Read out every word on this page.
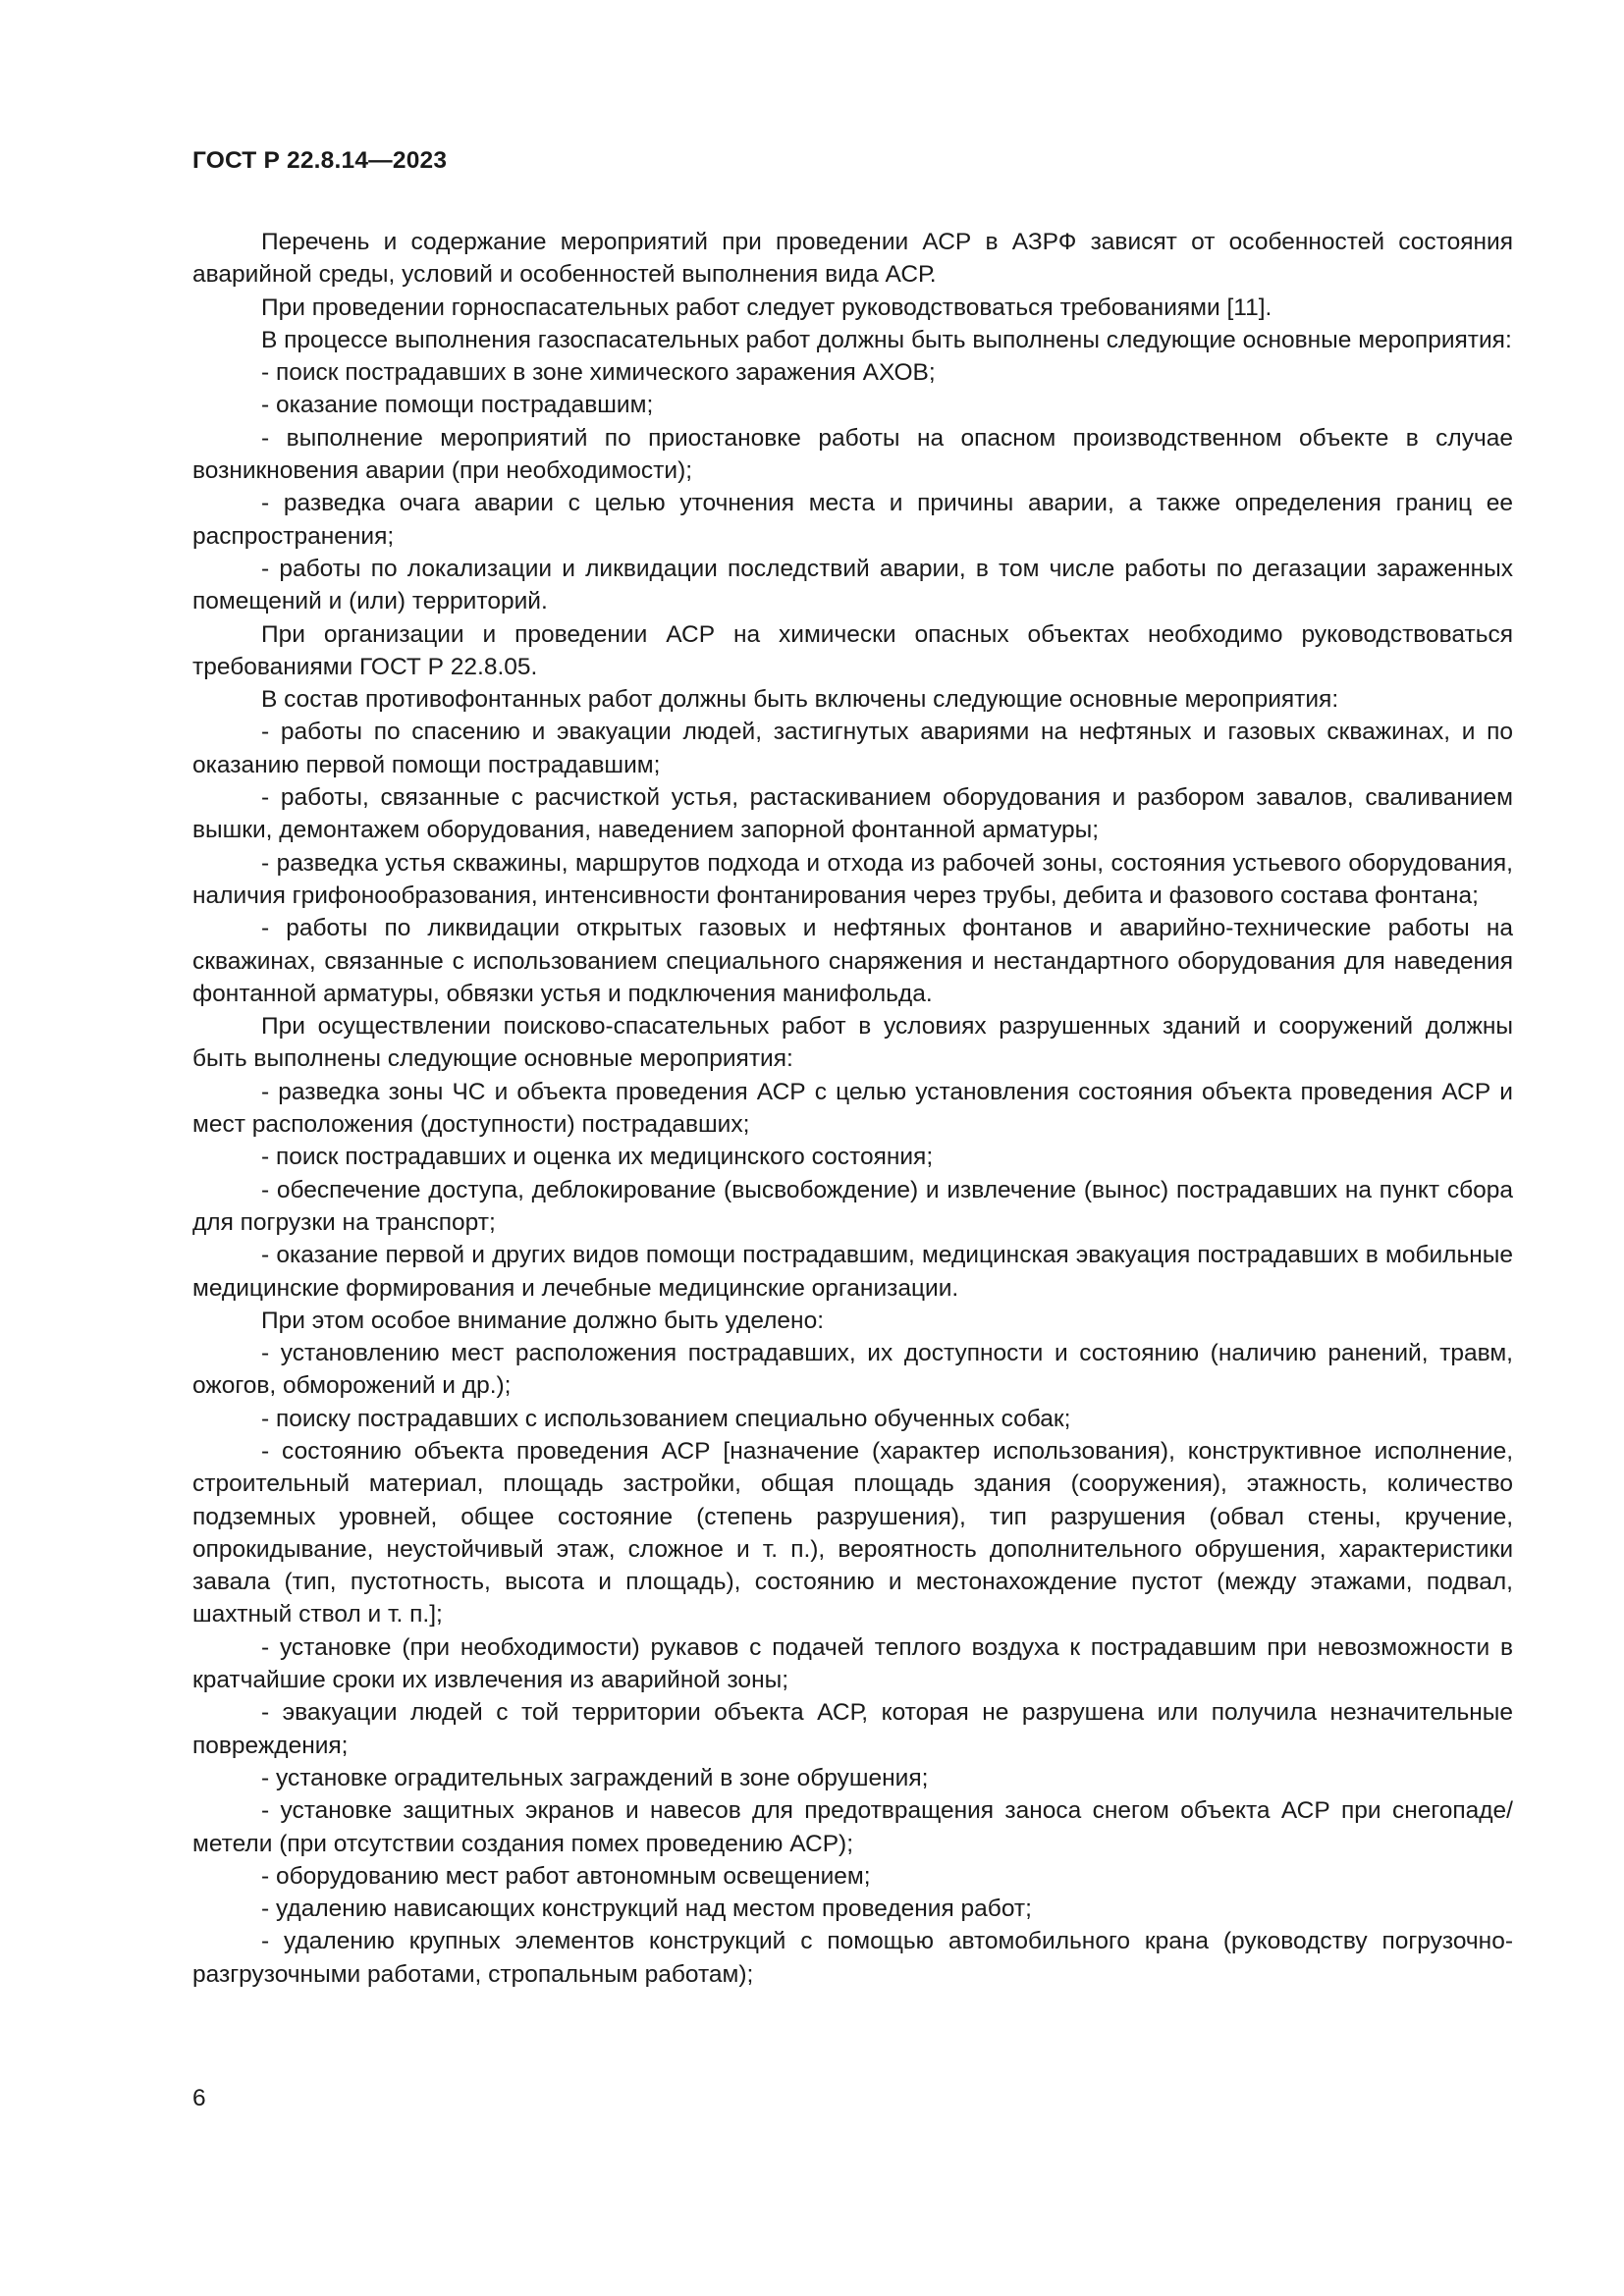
ГОСТ Р 22.8.14—2023

Перечень и содержание мероприятий при проведении АСР в АЗРФ зависят от особенностей состояния аварийной среды, условий и особенностей выполнения вида АСР.

При проведении горноспасательных работ следует руководствоваться требованиями [11].

В процессе выполнения газоспасательных работ должны быть выполнены следующие основные мероприятия:

- поиск пострадавших в зоне химического заражения АХОВ;

- оказание помощи пострадавшим;

- выполнение мероприятий по приостановке работы на опасном производственном объекте в случае возникновения аварии (при необходимости);

- разведка очага аварии с целью уточнения места и причины аварии, а также определения границ ее распространения;

- работы по локализации и ликвидации последствий аварии, в том числе работы по дегазации зараженных помещений и (или) территорий.

При организации и проведении АСР на химически опасных объектах необходимо руководствоваться требованиями ГОСТ Р 22.8.05.

В состав противофонтанных работ должны быть включены следующие основные мероприятия:

- работы по спасению и эвакуации людей, застигнутых авариями на нефтяных и газовых скважинах, и по оказанию первой помощи пострадавшим;

- работы, связанные с расчисткой устья, растаскиванием оборудования и разбором завалов, сваливанием вышки, демонтажем оборудования, наведением запорной фонтанной арматуры;

- разведка устья скважины, маршрутов подхода и отхода из рабочей зоны, состояния устьевого оборудования, наличия грифонообразования, интенсивности фонтанирования через трубы, дебита и фазового состава фонтана;

- работы по ликвидации открытых газовых и нефтяных фонтанов и аварийно-технические работы на скважинах, связанные с использованием специального снаряжения и нестандартного оборудования для наведения фонтанной арматуры, обвязки устья и подключения манифольда.

При осуществлении поисково-спасательных работ в условиях разрушенных зданий и сооружений должны быть выполнены следующие основные мероприятия:

- разведка зоны ЧС и объекта проведения АСР с целью установления состояния объекта проведения АСР и мест расположения (доступности) пострадавших;

- поиск пострадавших и оценка их медицинского состояния;

- обеспечение доступа, деблокирование (высвобождение) и извлечение (вынос) пострадавших на пункт сбора для погрузки на транспорт;

- оказание первой и других видов помощи пострадавшим, медицинская эвакуация пострадавших в мобильные медицинские формирования и лечебные медицинские организации.

При этом особое внимание должно быть уделено:

- установлению мест расположения пострадавших, их доступности и состоянию (наличию ранений, травм, ожогов, обморожений и др.);

- поиску пострадавших с использованием специально обученных собак;

- состоянию объекта проведения АСР [назначение (характер использования), конструктивное исполнение, строительный материал, площадь застройки, общая площадь здания (сооружения), этажность, количество подземных уровней, общее состояние (степень разрушения), тип разрушения (обвал стены, кручение, опрокидывание, неустойчивый этаж, сложное и т. п.), вероятность дополнительного обрушения, характеристики завала (тип, пустотность, высота и площадь), состоянию и местонахождение пустот (между этажами, подвал, шахтный ствол и т. п.];

- установке (при необходимости) рукавов с подачей теплого воздуха к пострадавшим при невозможности в кратчайшие сроки их извлечения из аварийной зоны;

- эвакуации людей с той территории объекта АСР, которая не разрушена или получила незначительные повреждения;

- установке оградительных заграждений в зоне обрушения;

- установке защитных экранов и навесов для предотвращения заноса снегом объекта АСР при снегопаде/метели (при отсутствии создания помех проведению АСР);

- оборудованию мест работ автономным освещением;

- удалению нависающих конструкций над местом проведения работ;

- удалению крупных элементов конструкций с помощью автомобильного крана (руководству погрузочно-разгрузочными работами, стропальным работам);

6
